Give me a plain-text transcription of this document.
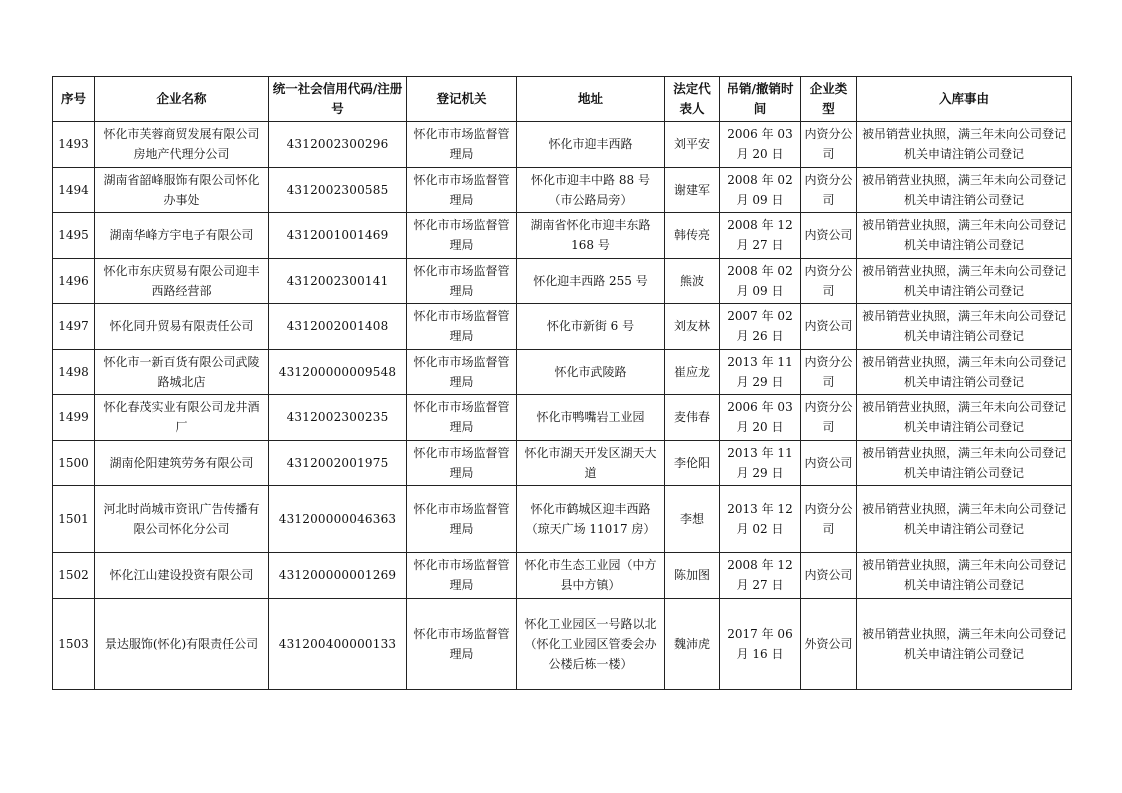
序号	企业名称	统一社会信用代码/注册号	登记机关	地址	法定代表人	吊销/撤销时间	企业类型	入库事由
1493	怀化市芙蓉商贸发展有限公司房地产代理分公司	4312002300296	怀化市市场监督管理局	怀化市迎丰西路	刘平安	2006 年 03 月 20 日	内资分公司	被吊销营业执照，满三年未向公司登记机关申请注销公司登记
1494	湖南省韶峰服饰有限公司怀化办事处	4312002300585	怀化市市场监督管理局	怀化市迎丰中路 88 号（市公路局旁）	谢建军	2008 年 02 月 09 日	内资分公司	被吊销营业执照，满三年未向公司登记机关申请注销公司登记
1495	湖南华峰方宇电子有限公司	4312001001469	怀化市市场监督管理局	湖南省怀化市迎丰东路 168 号	韩传亮	2008 年 12 月 27 日	内资公司	被吊销营业执照，满三年未向公司登记机关申请注销公司登记
1496	怀化市东庆贸易有限公司迎丰西路经营部	4312002300141	怀化市市场监督管理局	怀化迎丰西路 255 号	熊波	2008 年 02 月 09 日	内资分公司	被吊销营业执照，满三年未向公司登记机关申请注销公司登记
1497	怀化同升贸易有限责任公司	4312002001408	怀化市市场监督管理局	怀化市新街 6 号	刘友林	2007 年 02 月 26 日	内资公司	被吊销营业执照，满三年未向公司登记机关申请注销公司登记
1498	怀化市一新百货有限公司武陵路城北店	431200000009548	怀化市市场监督管理局	怀化市武陵路	崔应龙	2013 年 11 月 29 日	内资分公司	被吊销营业执照，满三年未向公司登记机关申请注销公司登记
1499	怀化春茂实业有限公司龙井酒厂	4312002300235	怀化市市场监督管理局	怀化市鸭嘴岩工业园	麦伟春	2006 年 03 月 20 日	内资分公司	被吊销营业执照，满三年未向公司登记机关申请注销公司登记
1500	湖南伦阳建筑劳务有限公司	4312002001975	怀化市市场监督管理局	怀化市湖天开发区湖天大道	李伦阳	2013 年 11 月 29 日	内资公司	被吊销营业执照，满三年未向公司登记机关申请注销公司登记
1501	河北时尚城市资讯广告传播有限公司怀化分公司	431200000046363	怀化市市场监督管理局	怀化市鹤城区迎丰西路（琼天广场 11017 房）	李想	2013 年 12 月 02 日	内资分公司	被吊销营业执照，满三年未向公司登记机关申请注销公司登记
1502	怀化江山建设投资有限公司	431200000001269	怀化市市场监督管理局	怀化市生态工业园（中方县中方镇）	陈加图	2008 年 12 月 27 日	内资公司	被吊销营业执照，满三年未向公司登记机关申请注销公司登记
1503	景达服饰(怀化)有限责任公司	431200400000133	怀化市市场监督管理局	怀化工业园区一号路以北（怀化工业园区管委会办公楼后栋一楼）	魏沛虎	2017 年 06 月 16 日	外资公司	被吊销营业执照，满三年未向公司登记机关申请注销公司登记
